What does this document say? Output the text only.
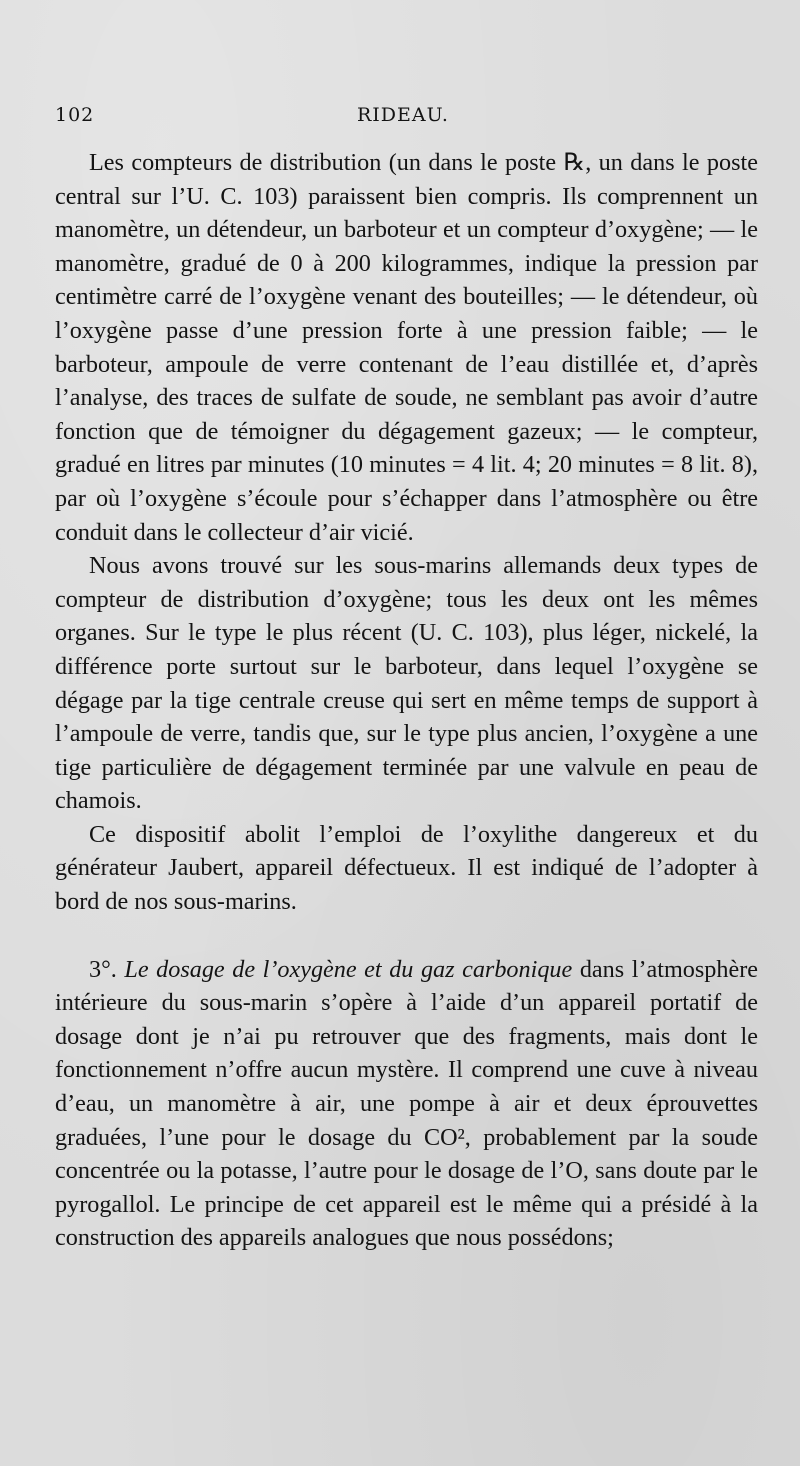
102	RIDEAU.

Les compteurs de distribution (un dans le poste ℞, un dans le poste central sur l’U. C. 103) paraissent bien compris. Ils comprennent un manomètre, un détendeur, un barboteur et un compteur d’oxygène; — le manomètre, gradué de 0 à 200 kilogrammes, indique la pression par centimètre carré de l’oxygène venant des bouteilles; — le détendeur, où l’oxygène passe d’une pression forte à une pression faible; — le barboteur, ampoule de verre contenant de l’eau distillée et, d’après l’analyse, des traces de sulfate de soude, ne semblant pas avoir d’autre fonction que de témoigner du dégagement gazeux; — le compteur, gradué en litres par minutes (10 minutes = 4 lit. 4; 20 minutes = 8 lit. 8), par où l’oxygène s’écoule pour s’échapper dans l’atmosphère ou être conduit dans le collecteur d’air vicié.

Nous avons trouvé sur les sous-marins allemands deux types de compteur de distribution d’oxygène; tous les deux ont les mêmes organes. Sur le type le plus récent (U. C. 103), plus léger, nickelé, la différence porte surtout sur le barboteur, dans lequel l’oxygène se dégage par la tige centrale creuse qui sert en même temps de support à l’ampoule de verre, tandis que, sur le type plus ancien, l’oxygène a une tige particulière de dégagement terminée par une valvule en peau de chamois.

Ce dispositif abolit l’emploi de l’oxylithe dangereux et du générateur Jaubert, appareil défectueux. Il est indiqué de l’adopter à bord de nos sous-marins.

3°. Le dosage de l’oxygène et du gaz carbonique dans l’atmosphère intérieure du sous-marin s’opère à l’aide d’un appareil portatif de dosage dont je n’ai pu retrouver que des fragments, mais dont le fonctionnement n’offre aucun mystère. Il comprend une cuve à niveau d’eau, un manomètre à air, une pompe à air et deux éprouvettes graduées, l’une pour le dosage du CO², probablement par la soude concentrée ou la potasse, l’autre pour le dosage de l’O, sans doute par le pyrogallol. Le principe de cet appareil est le même qui a présidé à la construction des appareils analogues que nous possédons;
